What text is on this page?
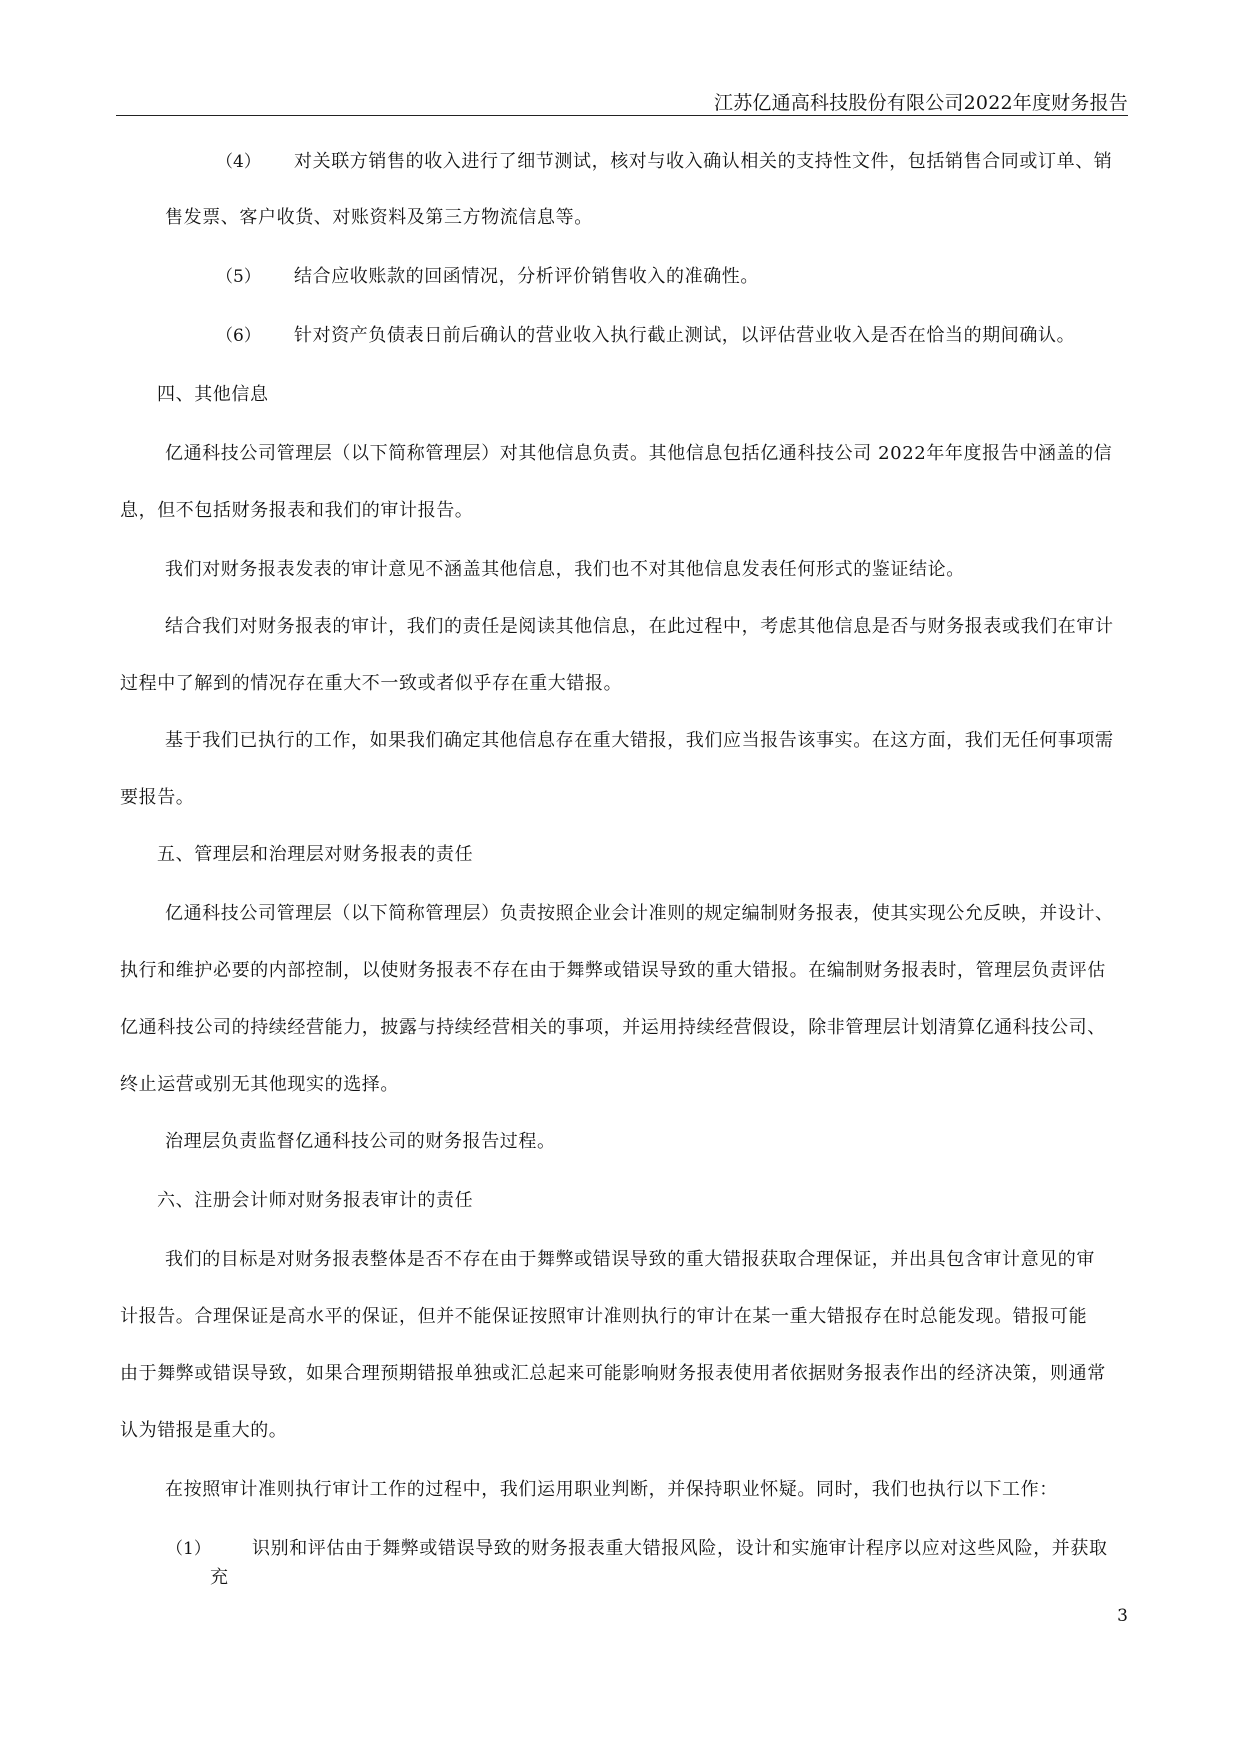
江苏亿通高科技股份有限公司2022年度财务报告
（4） 对关联方销售的收入进行了细节测试，核对与收入确认相关的支持性文件，包括销售合同或订单、销
售发票、客户收货、对账资料及第三方物流信息等。
（5） 结合应收账款的回函情况，分析评价销售收入的准确性。
（6） 针对资产负债表日前后确认的营业收入执行截止测试，以评估营业收入是否在恰当的期间确认。
四、其他信息
亿通科技公司管理层（以下简称管理层）对其他信息负责。其他信息包括亿通科技公司 2022年年度报告中涵盖的信
息，但不包括财务报表和我们的审计报告。
我们对财务报表发表的审计意见不涵盖其他信息，我们也不对其他信息发表任何形式的鉴证结论。
结合我们对财务报表的审计，我们的责任是阅读其他信息，在此过程中，考虑其他信息是否与财务报表或我们在审计
过程中了解到的情况存在重大不一致或者似乎存在重大错报。
基于我们已执行的工作，如果我们确定其他信息存在重大错报，我们应当报告该事实。在这方面，我们无任何事项需
要报告。
五、管理层和治理层对财务报表的责任
亿通科技公司管理层（以下简称管理层）负责按照企业会计准则的规定编制财务报表，使其实现公允反映，并设计、
执行和维护必要的内部控制，以使财务报表不存在由于舞弊或错误导致的重大错报。在编制财务报表时，管理层负责评估
亿通科技公司的持续经营能力，披露与持续经营相关的事项，并运用持续经营假设，除非管理层计划清算亿通科技公司、
终止运营或别无其他现实的选择。
治理层负责监督亿通科技公司的财务报告过程。
六、注册会计师对财务报表审计的责任
我们的目标是对财务报表整体是否不存在由于舞弊或错误导致的重大错报获取合理保证，并出具包含审计意见的审
计报告。合理保证是高水平的保证，但并不能保证按照审计准则执行的审计在某一重大错报存在时总能发现。错报可能
由于舞弊或错误导致，如果合理预期错报单独或汇总起来可能影响财务报表使用者依据财务报表作出的经济决策，则通常
认为错报是重大的。
在按照审计准则执行审计工作的过程中，我们运用职业判断，并保持职业怀疑。同时，我们也执行以下工作：
（1） 识别和评估由于舞弊或错误导致的财务报表重大错报风险，设计和实施审计程序以应对这些风险，并获取
充
3
